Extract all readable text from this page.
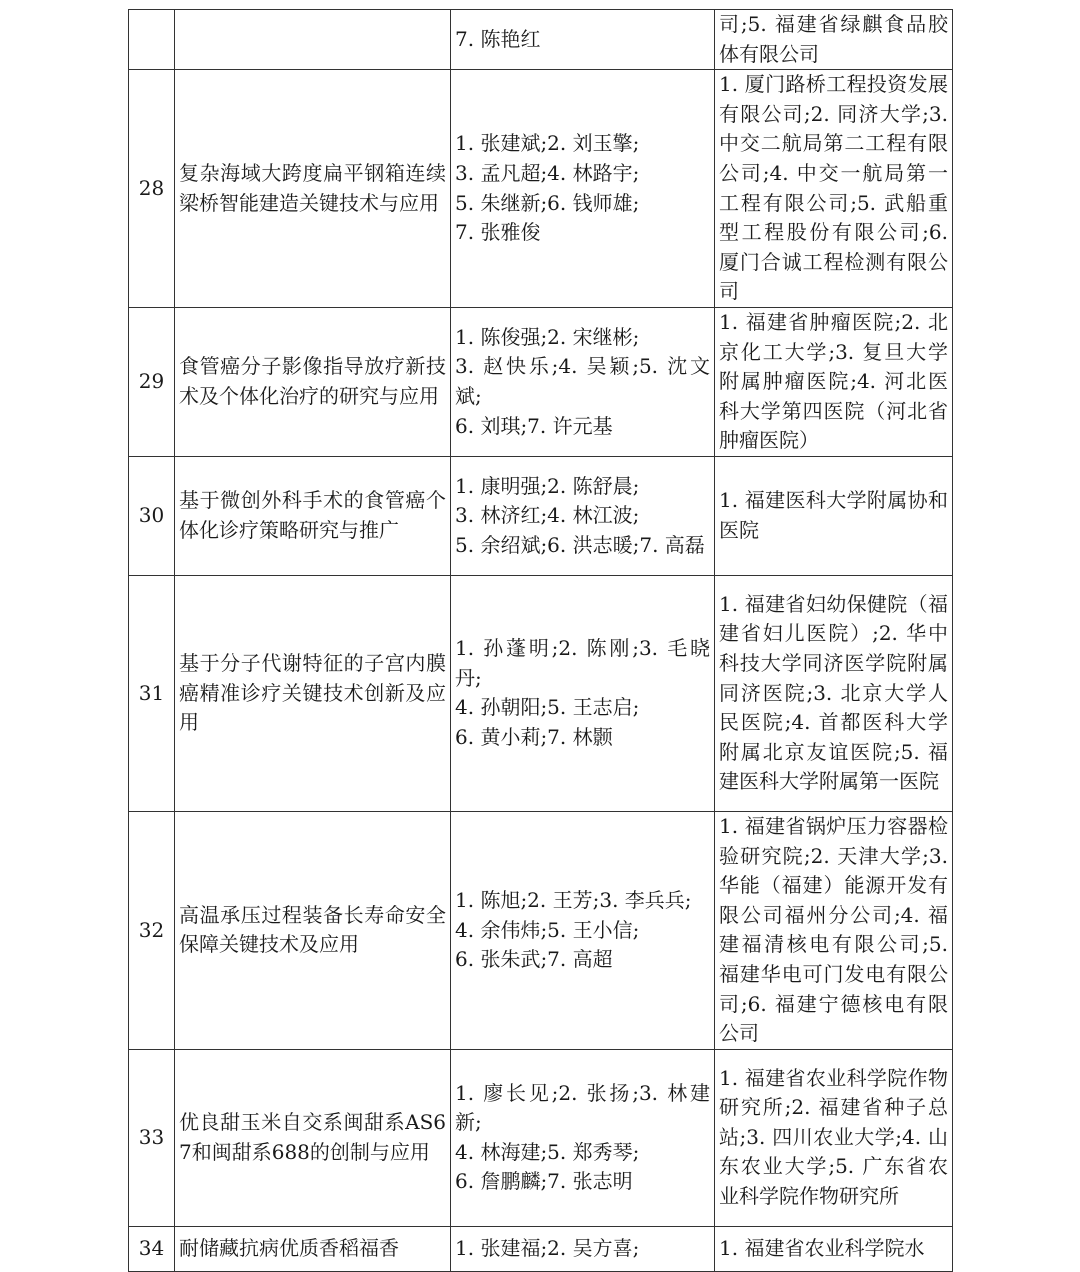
		7. 陈艳红	司;5. 福建省绿麒食品胶体有限公司
28	复杂海域大跨度扁平钢箱连续梁桥智能建造关键技术与应用	1. 张建斌;2. 刘玉擎;
3. 孟凡超;4. 林路宇;
5. 朱继新;6. 钱师雄;
7. 张雅俊	1. 厦门路桥工程投资发展有限公司;2. 同济大学;3. 中交二航局第二工程有限公司;4. 中交一航局第一工程有限公司;5. 武船重型工程股份有限公司;6. 厦门合诚工程检测有限公司
29	食管癌分子影像指导放疗新技术及个体化治疗的研究与应用	1. 陈俊强;2. 宋继彬;
3. 赵快乐;4. 吴颖;5. 沈文斌;
6. 刘琪;7. 许元基	1. 福建省肿瘤医院;2. 北京化工大学;3. 复旦大学附属肿瘤医院;4. 河北医科大学第四医院（河北省肿瘤医院）
30	基于微创外科手术的食管癌个体化诊疗策略研究与推广	1. 康明强;2. 陈舒晨;
3. 林济红;4. 林江波;
5. 余绍斌;6. 洪志暖;7. 高磊	1. 福建医科大学附属协和医院
31	基于分子代谢特征的子宫内膜癌精准诊疗关键技术创新及应用	1. 孙蓬明;2. 陈刚;3. 毛晓丹;
4. 孙朝阳;5. 王志启;
6. 黄小莉;7. 林颢	1. 福建省妇幼保健院（福建省妇儿医院）;2. 华中科技大学同济医学院附属同济医院;3. 北京大学人民医院;4. 首都医科大学附属北京友谊医院;5. 福建医科大学附属第一医院
32	高温承压过程装备长寿命安全保障关键技术及应用	1. 陈旭;2. 王芳;3. 李兵兵;
4. 余伟炜;5. 王小信;
6. 张朱武;7. 高超	1. 福建省锅炉压力容器检验研究院;2. 天津大学;3. 华能（福建）能源开发有限公司福州分公司;4. 福建福清核电有限公司;5. 福建华电可门发电有限公司;6. 福建宁德核电有限公司
33	优良甜玉米自交系闽甜系AS67和闽甜系688的创制与应用	1. 廖长见;2. 张扬;3. 林建新;
4. 林海建;5. 郑秀琴;
6. 詹鹏麟;7. 张志明	1. 福建省农业科学院作物研究所;2. 福建省种子总站;3. 四川农业大学;4. 山东农业大学;5. 广东省农业科学院作物研究所
34	耐储藏抗病优质香稻福香	1. 张建福;2. 吴方喜;	1. 福建省农业科学院水
